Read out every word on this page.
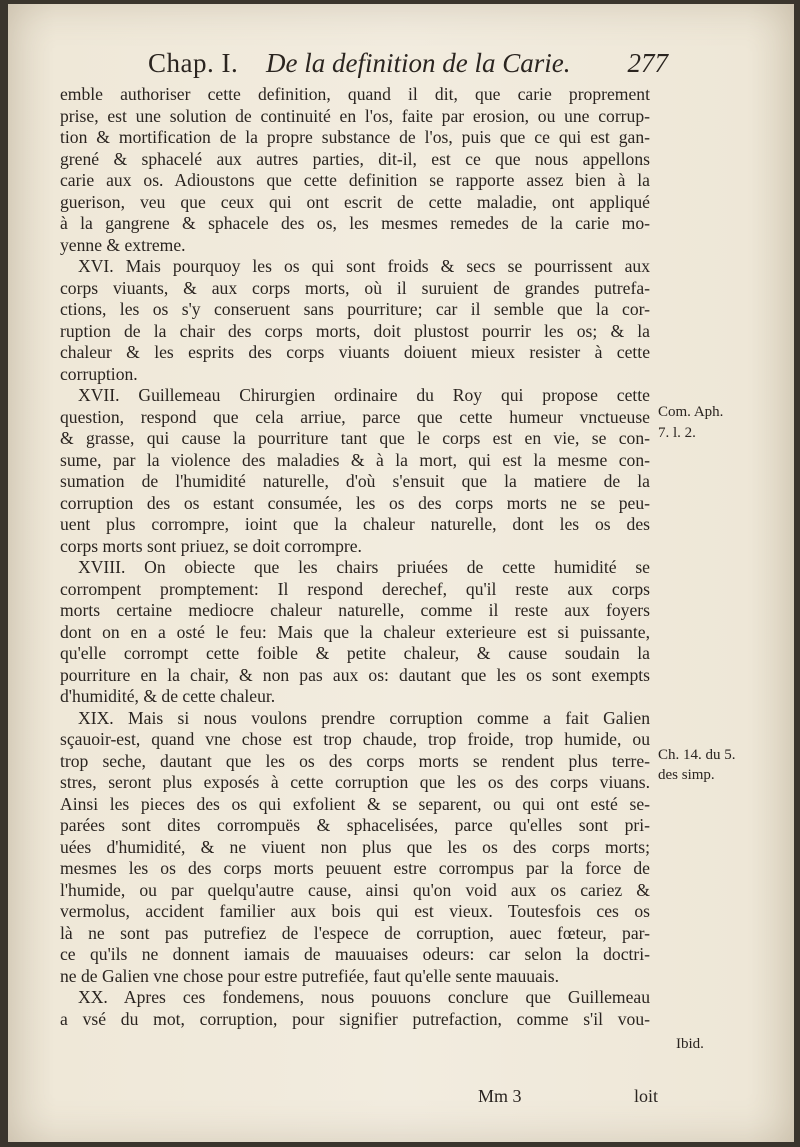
Chap. I. De la definition de la Carie. 277
emble authoriser cette definition, quand il dit, que carie proprement
prise, est une solution de continuité en l'os, faite par erosion, ou une corrup-
tion & mortification de la propre substance de l'os, puis que ce qui est gan-
grené & sphacelé aux autres parties, dit-il, est ce que nous appellons
carie aux os. Adioustons que cette definition se rapporte assez bien à la
guerison, veu que ceux qui ont escrit de cette maladie, ont appliqué
à la gangrene & sphacele des os, les mesmes remedes de la carie mo-
yenne & extreme.
XVI. Mais pourquoy les os qui sont froids & secs se pourrissent aux
corps viuants, & aux corps morts, où il suruient de grandes putrefa-
ctions, les os s'y conseruent sans pourriture; car il semble que la cor-
ruption de la chair des corps morts, doit plustost pourrir les os; & la
chaleur & les esprits des corps viuants doiuent mieux resister à cette
corruption.
XVII. Guillemeau Chirurgien ordinaire du Roy qui propose cette
question, respond que cela arriue, parce que cette humeur vnctueuse
& grasse, qui cause la pourriture tant que le corps est en vie, se con-
sume, par la violence des maladies & à la mort, qui est la mesme con-
sumation de l'humidité naturelle, d'où s'ensuit que la matiere de la
corruption des os estant consumée, les os des corps morts ne se peu-
uent plus corrompre, ioint que la chaleur naturelle, dont les os des
corps morts sont priuez, se doit corrompre.
XVIII. On obiecte que les chairs priuées de cette humidité se
corrompent promptement: Il respond derechef, qu'il reste aux corps
morts certaine mediocre chaleur naturelle, comme il reste aux foyers
dont on en a osté le feu: Mais que la chaleur exterieure est si puissante,
qu'elle corrompt cette foible & petite chaleur, & cause soudain la
pourriture en la chair, & non pas aux os: dautant que les os sont exempts
d'humidité, & de cette chaleur.
XIX. Mais si nous voulons prendre corruption comme a fait Galien
sçauoir-est, quand vne chose est trop chaude, trop froide, trop humide, ou
trop seche, dautant que les os des corps morts se rendent plus terre-
stres, seront plus exposés à cette corruption que les os des corps viuans.
Ainsi les pieces des os qui exfolient & se separent, ou qui ont esté se-
parées sont dites corrompuës & sphacelisées, parce qu'elles sont pri-
uées d'humidité, & ne viuent non plus que les os des corps morts;
mesmes les os des corps morts peuuent estre corrompus par la force de
l'humide, ou par quelqu'autre cause, ainsi qu'on void aux os cariez &
vermolus, accident familier aux bois qui est vieux. Toutesfois ces os
là ne sont pas putrefiez de l'espece de corruption, auec fœteur, par-
ce qu'ils ne donnent iamais de mauuaises odeurs: car selon la doctri-
ne de Galien vne chose pour estre putrefiée, faut qu'elle sente mauuais.
XX. Apres ces fondemens, nous pouuons conclure que Guillemeau
a vsé du mot, corruption, pour signifier putrefaction, comme s'il vou-
Com. Aph.
7. l. 2.
Ch. 14. du 5.
des simp.
Ibid.
Mm 3	loit
